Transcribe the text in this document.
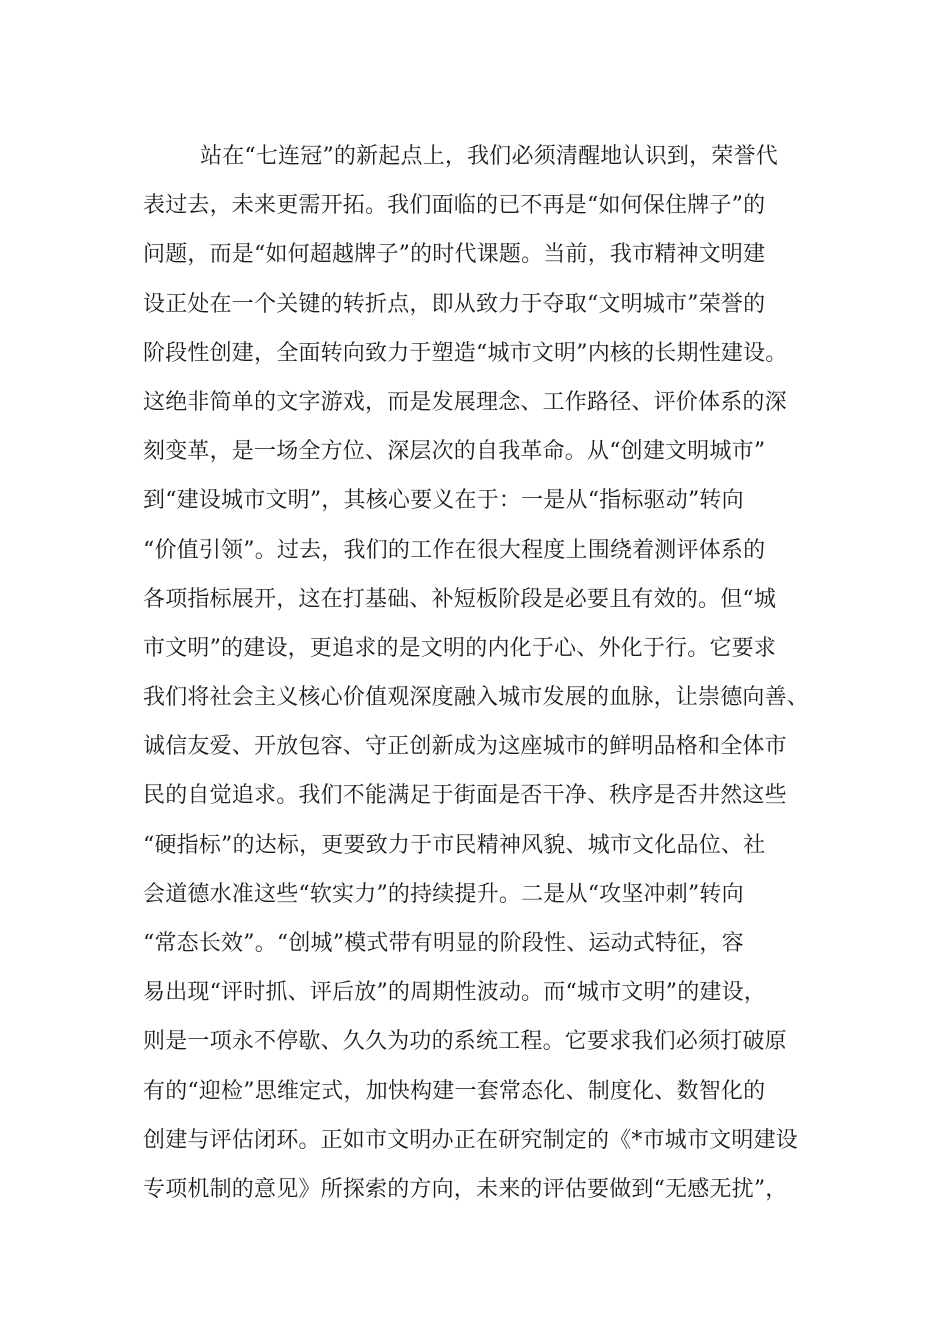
站在“七连冠”的新起点上，我们必须清醒地认识到，荣誉代
表过去，未来更需开拓。我们面临的已不再是“如何保住牌子”的
问题，而是“如何超越牌子”的时代课题。当前，我市精神文明建
设正处在一个关键的转折点，即从致力于夺取“文明城市”荣誉的
阶段性创建，全面转向致力于塑造“城市文明”内核的长期性建设。
这绝非简单的文字游戏，而是发展理念、工作路径、评价体系的深
刻变革，是一场全方位、深层次的自我革命。从“创建文明城市”
到“建设城市文明”，其核心要义在于：一是从“指标驱动”转向
“价值引领”。过去，我们的工作在很大程度上围绕着测评体系的
各项指标展开，这在打基础、补短板阶段是必要且有效的。但“城
市文明”的建设，更追求的是文明的内化于心、外化于行。它要求
我们将社会主义核心价值观深度融入城市发展的血脉，让崇德向善、
诚信友爱、开放包容、守正创新成为这座城市的鲜明品格和全体市
民的自觉追求。我们不能满足于街面是否干净、秩序是否井然这些
“硬指标”的达标，更要致力于市民精神风貌、城市文化品位、社
会道德水准这些“软实力”的持续提升。二是从“攻坚冲刺”转向
“常态长效”。“创城”模式带有明显的阶段性、运动式特征，容
易出现“评时抓、评后放”的周期性波动。而“城市文明”的建设，
则是一项永不停歇、久久为功的系统工程。它要求我们必须打破原
有的“迎检”思维定式，加快构建一套常态化、制度化、数智化的
创建与评估闭环。正如市文明办正在研究制定的《*市城市文明建设
专项机制的意见》所探索的方向，未来的评估要做到“无感无扰”，
